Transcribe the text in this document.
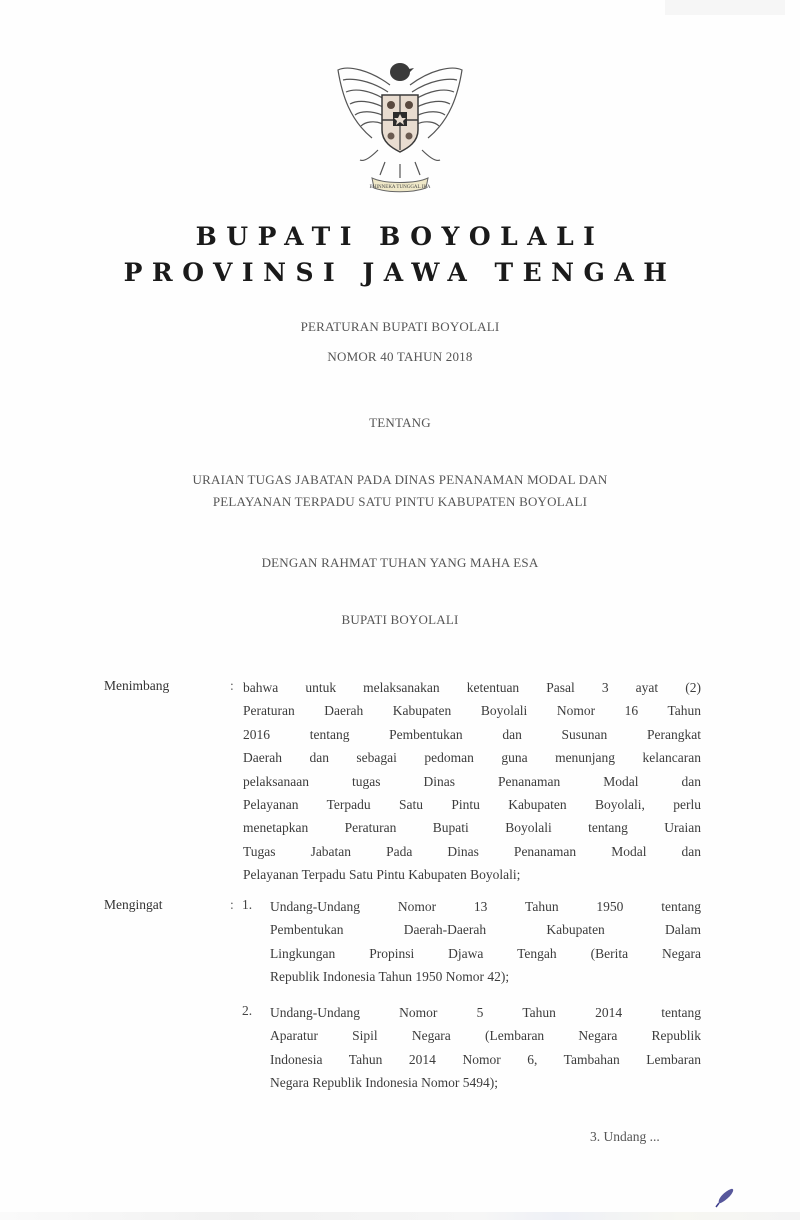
BHINNEKA TUNGGAL IKA
BUPATI BOYOLALI
PROVINSI JAWA TENGAH
PERATURAN BUPATI BOYOLALI
NOMOR 40 TAHUN 2018
TENTANG
URAIAN TUGAS JABATAN PADA DINAS PENANAMAN MODAL DAN
PELAYANAN TERPADU SATU PINTU KABUPATEN BOYOLALI
DENGAN RAHMAT TUHAN YANG MAHA ESA
BUPATI BOYOLALI
Menimbang	: bahwa untuk melaksanakan ketentuan Pasal 3 ayat (2)
Peraturan Daerah Kabupaten Boyolali Nomor 16 Tahun
2016 tentang Pembentukan dan Susunan Perangkat
Daerah dan sebagai pedoman guna menunjang kelancaran
pelaksanaan tugas Dinas Penanaman Modal dan
Pelayanan Terpadu Satu Pintu Kabupaten Boyolali, perlu
menetapkan Peraturan Bupati Boyolali tentang Uraian
Tugas Jabatan Pada Dinas Penanaman Modal dan
Pelayanan Terpadu Satu Pintu Kabupaten Boyolali;
Mengingat	: 1. Undang-Undang Nomor 13 Tahun 1950 tentang
Pembentukan Daerah-Daerah Kabupaten Dalam
Lingkungan Propinsi Djawa Tengah (Berita Negara
Republik Indonesia Tahun 1950 Nomor 42);
2. Undang-Undang Nomor 5 Tahun 2014 tentang
Aparatur Sipil Negara (Lembaran Negara Republik
Indonesia Tahun 2014 Nomor 6, Tambahan Lembaran
Negara Republik Indonesia Nomor 5494);
3. Undang ...
